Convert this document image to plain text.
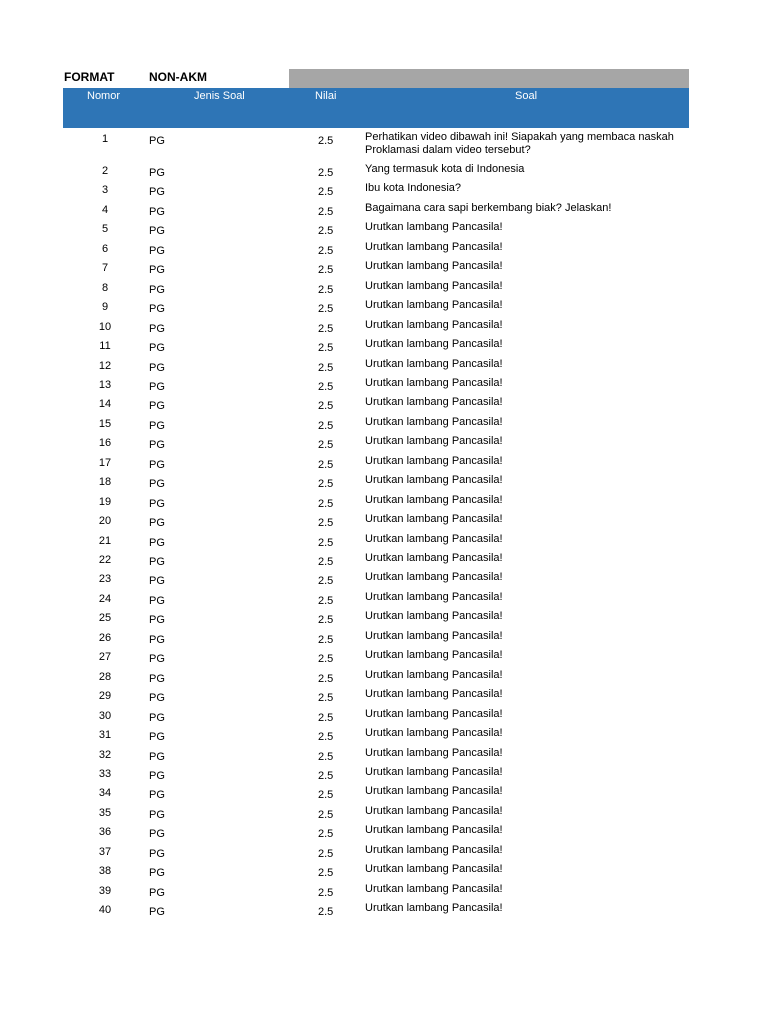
FORMAT	NON-AKM
Nomor	Jenis Soal	Nilai	Soal
1	PG	2.5	Perhatikan video dibawah ini! Siapakah yang membaca naskah Proklamasi dalam video tersebut?
2	PG	2.5	Yang termasuk kota di Indonesia
3	PG	2.5	Ibu kota Indonesia?
4	PG	2.5	Bagaimana cara sapi berkembang biak? Jelaskan!
5	PG	2.5	Urutkan lambang Pancasila!
6	PG	2.5	Urutkan lambang Pancasila!
7	PG	2.5	Urutkan lambang Pancasila!
8	PG	2.5	Urutkan lambang Pancasila!
9	PG	2.5	Urutkan lambang Pancasila!
10	PG	2.5	Urutkan lambang Pancasila!
11	PG	2.5	Urutkan lambang Pancasila!
12	PG	2.5	Urutkan lambang Pancasila!
13	PG	2.5	Urutkan lambang Pancasila!
14	PG	2.5	Urutkan lambang Pancasila!
15	PG	2.5	Urutkan lambang Pancasila!
16	PG	2.5	Urutkan lambang Pancasila!
17	PG	2.5	Urutkan lambang Pancasila!
18	PG	2.5	Urutkan lambang Pancasila!
19	PG	2.5	Urutkan lambang Pancasila!
20	PG	2.5	Urutkan lambang Pancasila!
21	PG	2.5	Urutkan lambang Pancasila!
22	PG	2.5	Urutkan lambang Pancasila!
23	PG	2.5	Urutkan lambang Pancasila!
24	PG	2.5	Urutkan lambang Pancasila!
25	PG	2.5	Urutkan lambang Pancasila!
26	PG	2.5	Urutkan lambang Pancasila!
27	PG	2.5	Urutkan lambang Pancasila!
28	PG	2.5	Urutkan lambang Pancasila!
29	PG	2.5	Urutkan lambang Pancasila!
30	PG	2.5	Urutkan lambang Pancasila!
31	PG	2.5	Urutkan lambang Pancasila!
32	PG	2.5	Urutkan lambang Pancasila!
33	PG	2.5	Urutkan lambang Pancasila!
34	PG	2.5	Urutkan lambang Pancasila!
35	PG	2.5	Urutkan lambang Pancasila!
36	PG	2.5	Urutkan lambang Pancasila!
37	PG	2.5	Urutkan lambang Pancasila!
38	PG	2.5	Urutkan lambang Pancasila!
39	PG	2.5	Urutkan lambang Pancasila!
40	PG	2.5	Urutkan lambang Pancasila!
